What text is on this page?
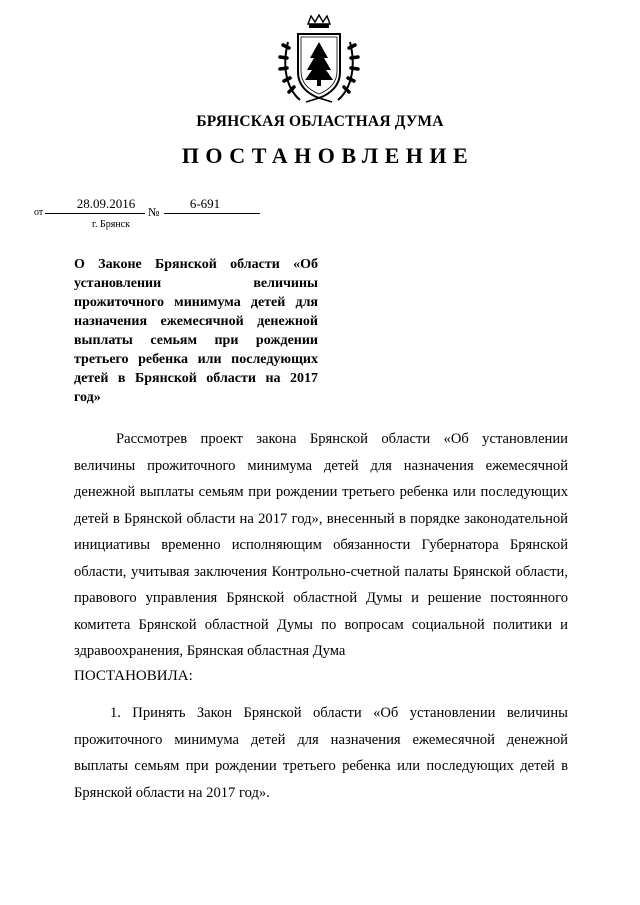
БРЯНСКАЯ ОБЛАСТНАЯ ДУМА
ПОСТАНОВЛЕНИЕ
от
28.09.2016
№
6-691
г. Брянск
О Законе Брянской области «Об установлении величины прожиточного минимума детей для назначения ежемесячной денежной выплаты семьям при рождении третьего ребенка или последующих детей в Брянской области на 2017 год»
Рассмотрев проект закона Брянской области «Об установлении величины прожиточного минимума детей для назначения ежемесячной денежной выплаты семьям при рождении третьего ребенка или последующих детей в Брянской области на 2017 год», внесенный в порядке законодательной инициативы временно исполняющим обязанности Губернатора Брянской области, учитывая заключения Контрольно-счетной палаты Брянской области, правового управления Брянской областной Думы и решение постоянного комитета Брянской областной Думы по вопросам социальной политики и здравоохранения, Брянская областная Дума
ПОСТАНОВИЛА:
1. Принять Закон Брянской области «Об установлении величины прожиточного минимума детей для назначения ежемесячной денежной выплаты семьям при рождении третьего ребенка или последующих детей в Брянской области на 2017 год».
